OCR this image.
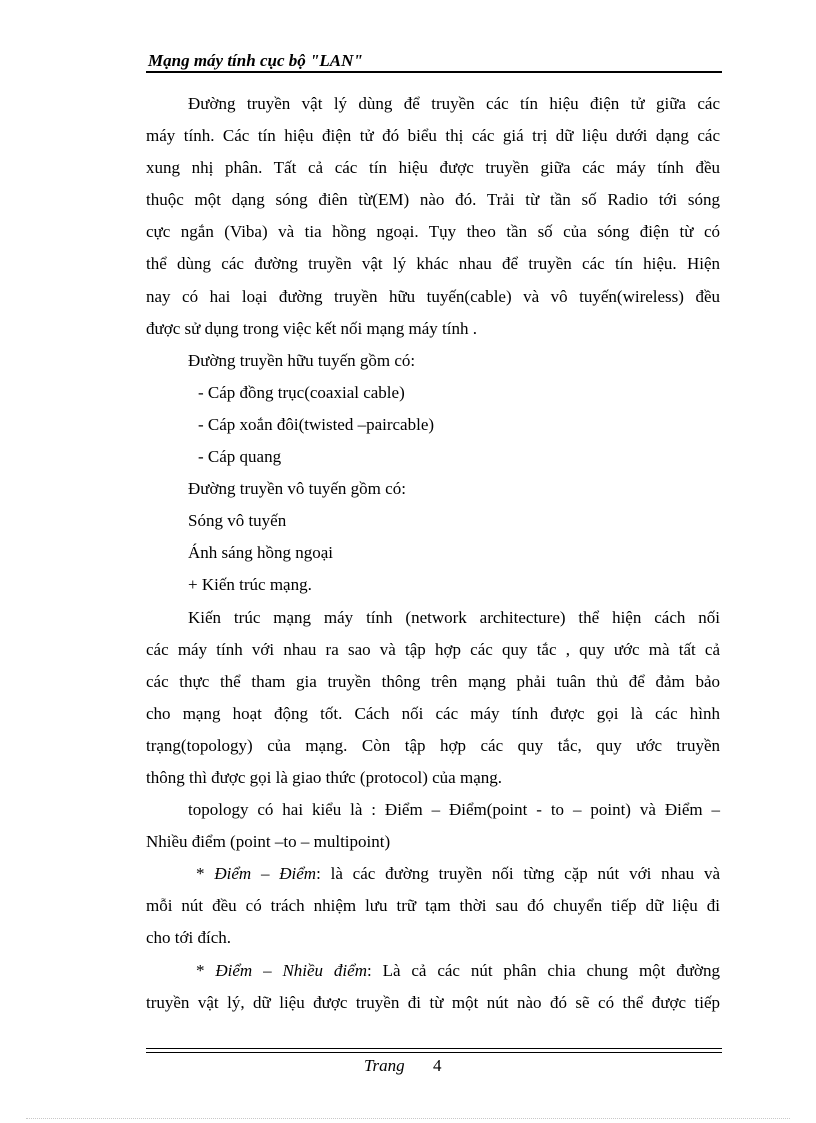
Mạng máy tính cục bộ "LAN"
Đường truyền vật lý dùng để truyền các tín hiệu điện tử giữa các
máy tính. Các tín hiệu điện tử đó biểu thị các giá trị dữ liệu dưới dạng các
xung nhị phân. Tất cả các tín hiệu được truyền giữa các máy tính đều
thuộc một dạng sóng điên từ(EM) nào đó. Trải từ tần số Radio tới sóng
cực ngắn (Viba) và tia hồng ngoại. Tụy theo tần số của sóng điện từ có
thể dùng các đường truyền vật lý khác nhau để truyền các tín hiệu. Hiện
nay có hai loại đường truyền hữu tuyến(cable) và vô tuyến(wireless) đều
được sử dụng trong việc kết nối mạng máy tính .
Đường truyền hữu tuyến gồm có:
- Cáp đồng trục(coaxial cable)
- Cáp xoắn đôi(twisted –paircable)
- Cáp quang
Đường truyền vô tuyến gồm có:
Sóng vô tuyến
Ánh sáng hồng ngoại
+ Kiến trúc mạng.
Kiến trúc mạng máy tính (network architecture) thể hiện cách nối
các máy tính với nhau ra sao và tập hợp các quy tắc , quy ước mà tất cả
các thực thể tham gia truyền thông trên mạng phải tuân thủ để đảm bảo
cho mạng hoạt động tốt. Cách nối các máy tính được gọi là các hình
trạng(topology) của mạng. Còn tập hợp các quy tắc, quy ước truyền
thông thì được gọi là giao thức (protocol) của mạng.
topology có hai kiểu là : Điểm – Điểm(point - to – point) và Điểm –
Nhiều điểm (point –to – multipoint)
* Điểm – Điểm: là các đường truyền nối từng cặp nút với nhau và
mỗi nút đều có trách nhiệm lưu trữ tạm thời sau đó chuyển tiếp dữ liệu đi
cho tới đích.
* Điểm – Nhiều điểm: Là cả các nút phân chia chung một đường
truyền vật lý, dữ liệu được truyền đi từ một nút nào đó sẽ có thể được tiếp
Trang 4
